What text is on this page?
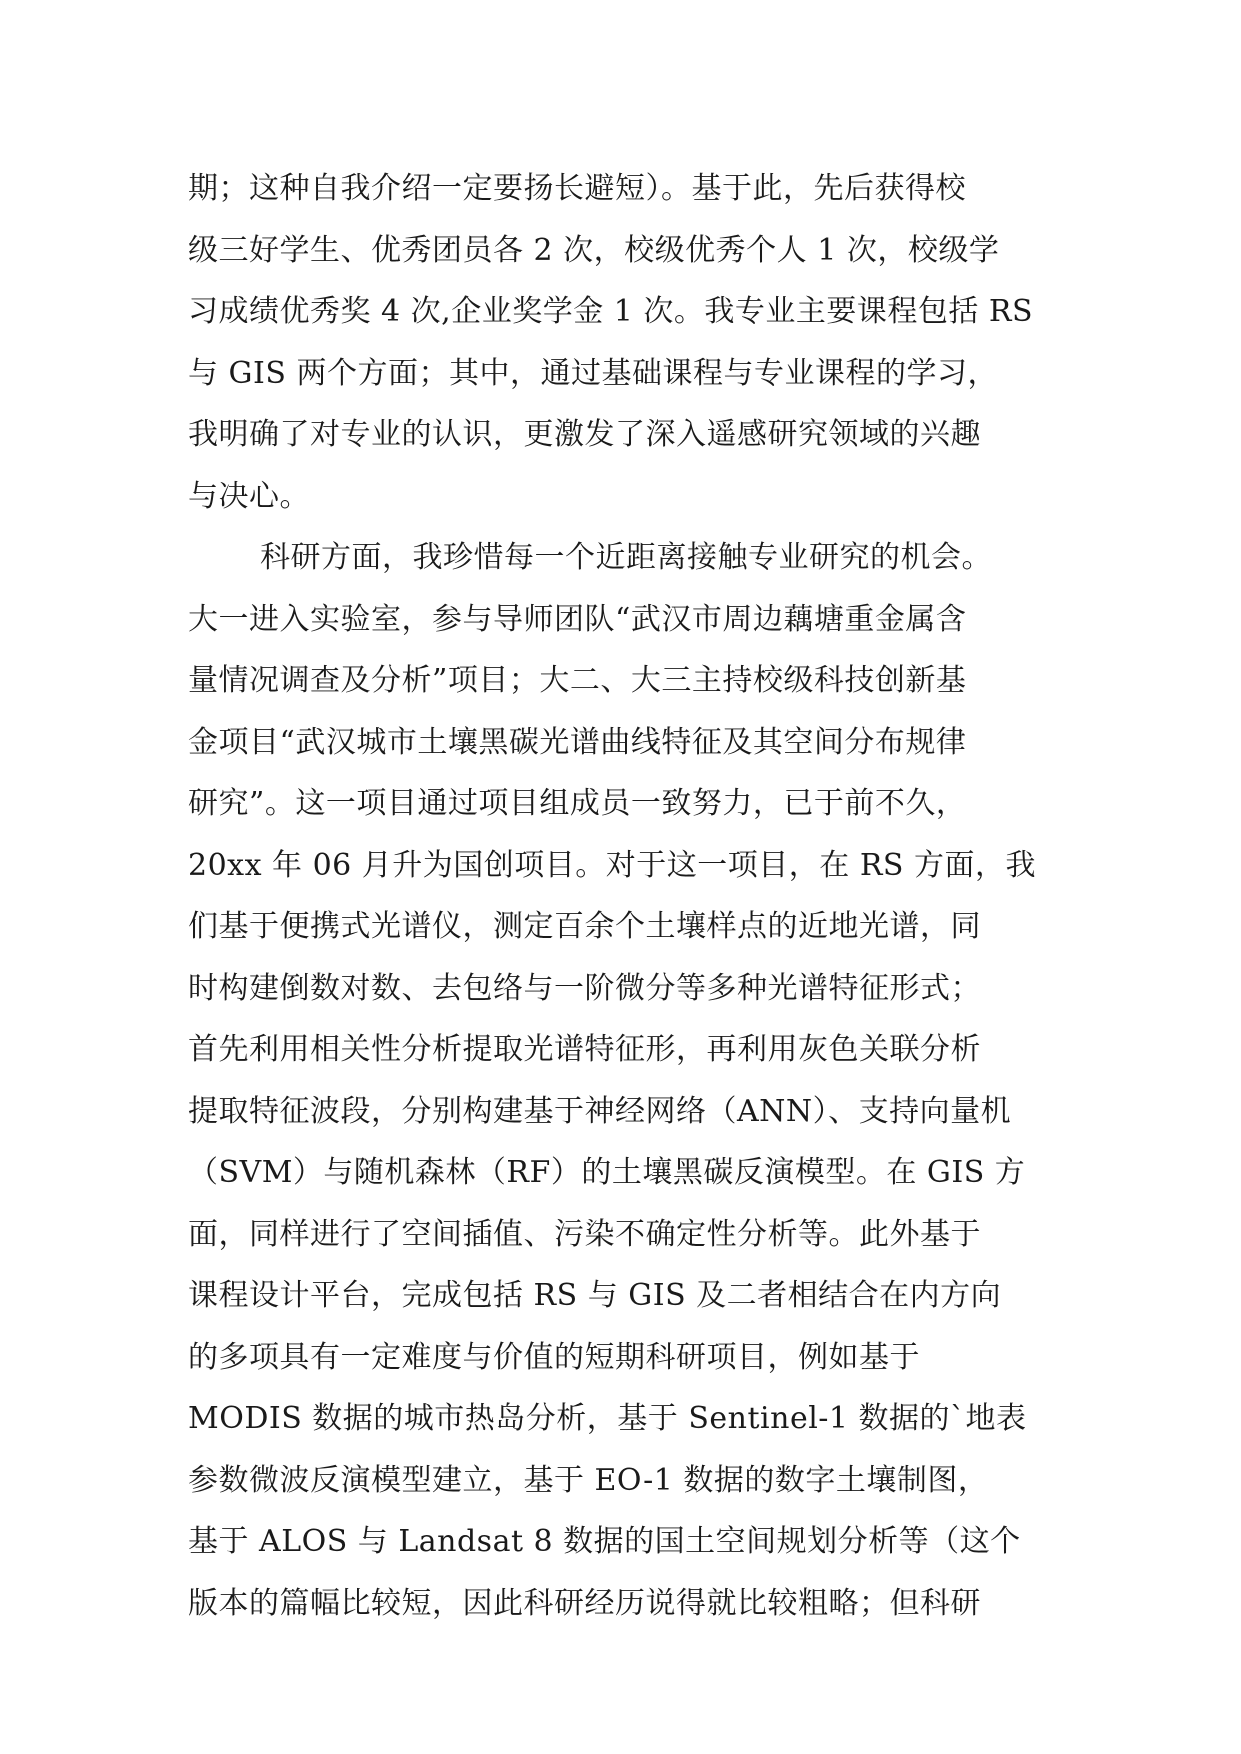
期；这种自我介绍一定要扬长避短）。基于此，先后获得校
级三好学生、优秀团员各 2 次，校级优秀个人 1 次，校级学
习成绩优秀奖 4 次,企业奖学金 1 次。我专业主要课程包括 RS
与 GIS 两个方面；其中，通过基础课程与专业课程的学习，
我明确了对专业的认识，更激发了深入遥感研究领域的兴趣
与决心。
科研方面，我珍惜每一个近距离接触专业研究的机会。
大一进入实验室，参与导师团队“武汉市周边藕塘重金属含
量情况调查及分析”项目；大二、大三主持校级科技创新基
金项目“武汉城市土壤黑碳光谱曲线特征及其空间分布规律
研究”。这一项目通过项目组成员一致努力，已于前不久，
20xx 年 06 月升为国创项目。对于这一项目，在 RS 方面，我
们基于便携式光谱仪，测定百余个土壤样点的近地光谱，同
时构建倒数对数、去包络与一阶微分等多种光谱特征形式；
首先利用相关性分析提取光谱特征形，再利用灰色关联分析
提取特征波段，分别构建基于神经网络（ANN）、支持向量机
（SVM）与随机森林（RF）的土壤黑碳反演模型。在 GIS 方
面，同样进行了空间插值、污染不确定性分析等。此外基于
课程设计平台，完成包括 RS 与 GIS 及二者相结合在内方向
的多项具有一定难度与价值的短期科研项目，例如基于
MODIS 数据的城市热岛分析，基于 Sentinel-1 数据的`地表
参数微波反演模型建立，基于 EO-1 数据的数字土壤制图，
基于 ALOS 与 Landsat 8 数据的国土空间规划分析等（这个
版本的篇幅比较短，因此科研经历说得就比较粗略；但科研
